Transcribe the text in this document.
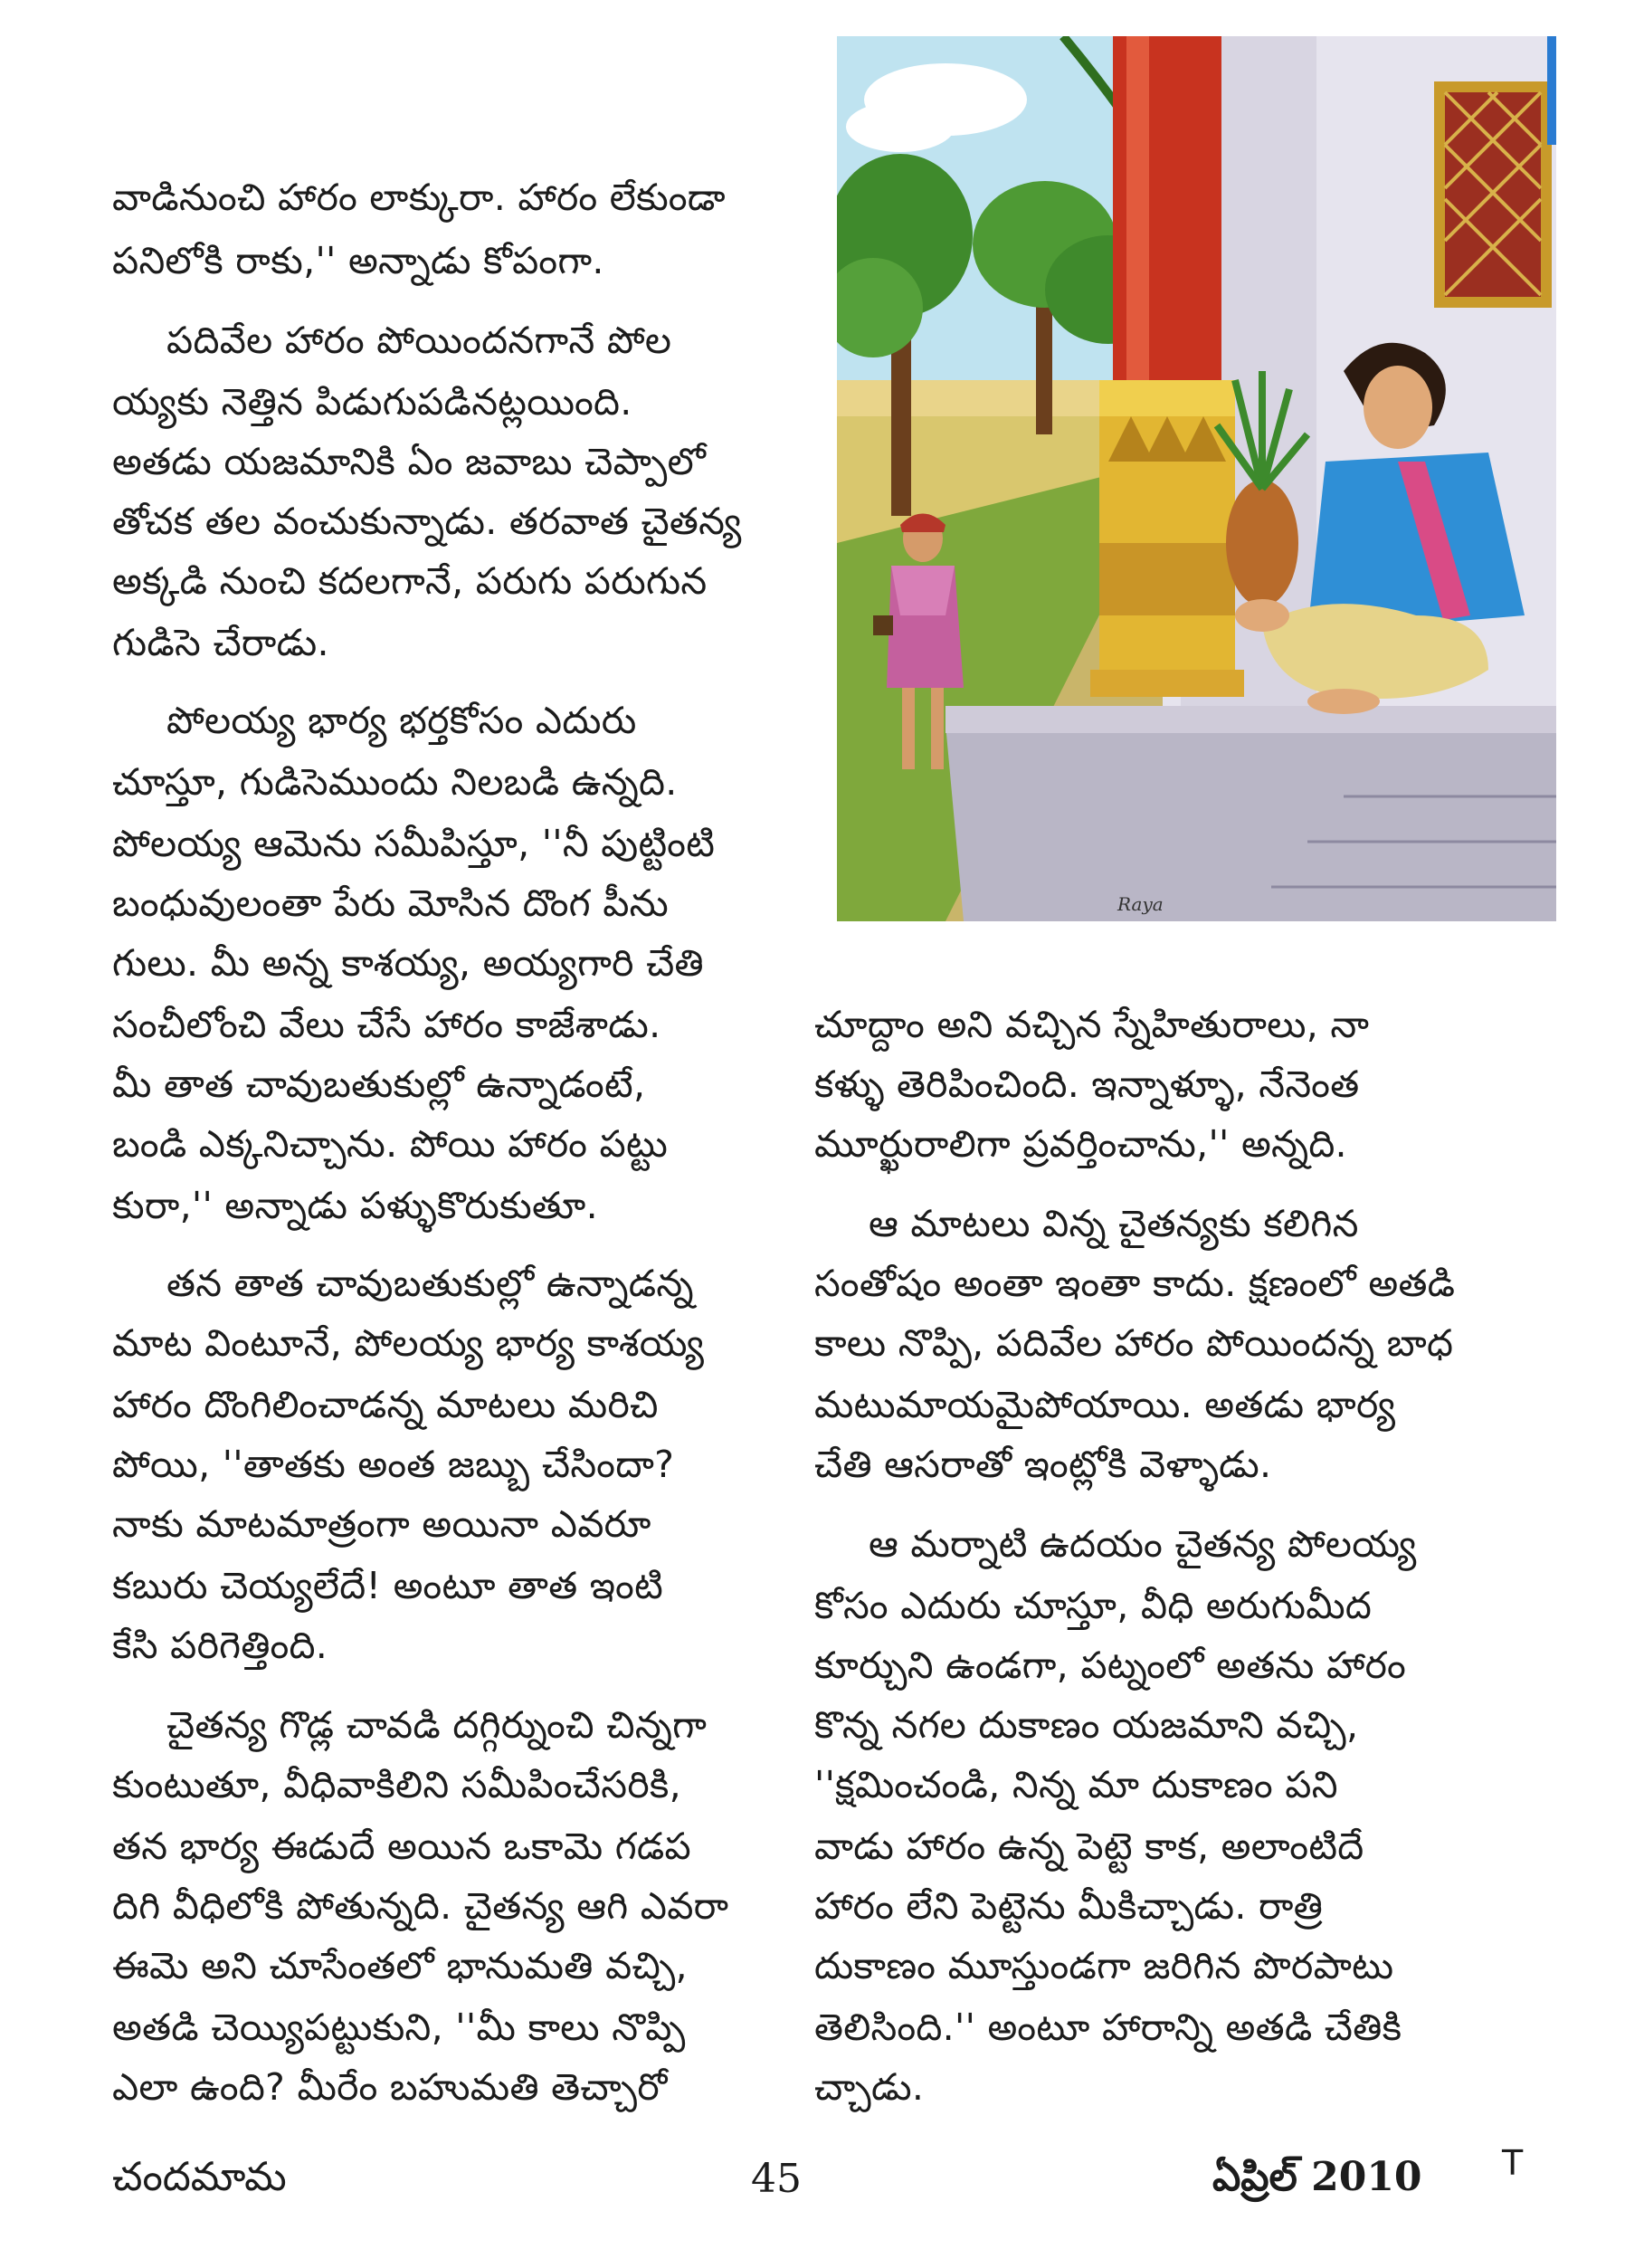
వాడినుంచి హారం లాక్కురా. హారం లేకుండా
పనిలోకి రాకు,'' అన్నాడు కోపంగా.
పదివేల హారం పోయిందనగానే పోల
య్యకు నెత్తిన పిడుగుపడినట్లయింది.
అతడు యజమానికి ఏం జవాబు చెప్పాలో
తోచక తల వంచుకున్నాడు. తరవాత చైతన్య
అక్కడి నుంచి కదలగానే, పరుగు పరుగున
గుడిసె చేరాడు.
పోలయ్య భార్య భర్తకోసం ఎదురు
చూస్తూ, గుడిసెముందు నిలబడి ఉన్నది.
పోలయ్య ఆమెను సమీపిస్తూ, ''నీ పుట్టింటి
బంధువులంతా పేరు మోసిన దొంగ పీను
గులు. మీ అన్న కాశయ్య, అయ్యగారి చేతి
సంచీలోంచి వేలు చేసే హారం కాజేశాడు.
మీ తాత చావుబతుకుల్లో ఉన్నాడంటే,
బండి ఎక్కనిచ్చాను. పోయి హారం పట్టు
కురా,'' అన్నాడు పళ్ళుకొరుకుతూ.
తన తాత చావుబతుకుల్లో ఉన్నాడన్న
మాట వింటూనే, పోలయ్య భార్య కాశయ్య
హారం దొంగిలించాడన్న మాటలు మరిచి
పోయి, ''తాతకు అంత జబ్బు చేసిందా?
నాకు మాటమాత్రంగా అయినా ఎవరూ
కబురు చెయ్యలేదే! అంటూ తాత ఇంటి
కేసి పరిగెత్తింది.
చైతన్య గొడ్ల చావడి దగ్గిర్నుంచి చిన్నగా
కుంటుతూ, వీధివాకిలిని సమీపించేసరికి,
తన భార్య ఈడుదే అయిన ఒకామె గడప
దిగి వీధిలోకి పోతున్నది. చైతన్య ఆగి ఎవరా
ఈమె అని చూసేంతలో భానుమతి వచ్చి,
అతడి చెయ్యిపట్టుకుని, ''మీ కాలు నొప్పి
ఎలా ఉంది? మీరేం బహుమతి తెచ్చారో
Raya
చూద్దాం అని వచ్చిన స్నేహితురాలు, నా
కళ్ళు తెరిపించింది. ఇన్నాళ్ళూ, నేనెంత
మూర్ఖురాలిగా ప్రవర్తించాను,'' అన్నది.
ఆ మాటలు విన్న చైతన్యకు కలిగిన
సంతోషం అంతా ఇంతా కాదు. క్షణంలో అతడి
కాలు నొప్పి, పదివేల హారం పోయిందన్న బాధ
మటుమాయమైపోయాయి. అతడు భార్య
చేతి ఆసరాతో ఇంట్లోకి వెళ్ళాడు.
ఆ మర్నాటి ఉదయం చైతన్య పోలయ్య
కోసం ఎదురు చూస్తూ, వీధి అరుగుమీద
కూర్చుని ఉండగా, పట్నంలో అతను హారం
కొన్న నగల దుకాణం యజమాని వచ్చి,
''క్షమించండి, నిన్న మా దుకాణం పని
వాడు హారం ఉన్న పెట్టె కాక, అలాంటిదే
హారం లేని పెట్టెను మీకిచ్చాడు. రాత్రి
దుకాణం మూస్తుండగా జరిగిన పొరపాటు
తెలిసింది.'' అంటూ హారాన్ని అతడి చేతికి
చ్చాడు.
చందమామ	45	ఏప్రిల్ 2010 T
